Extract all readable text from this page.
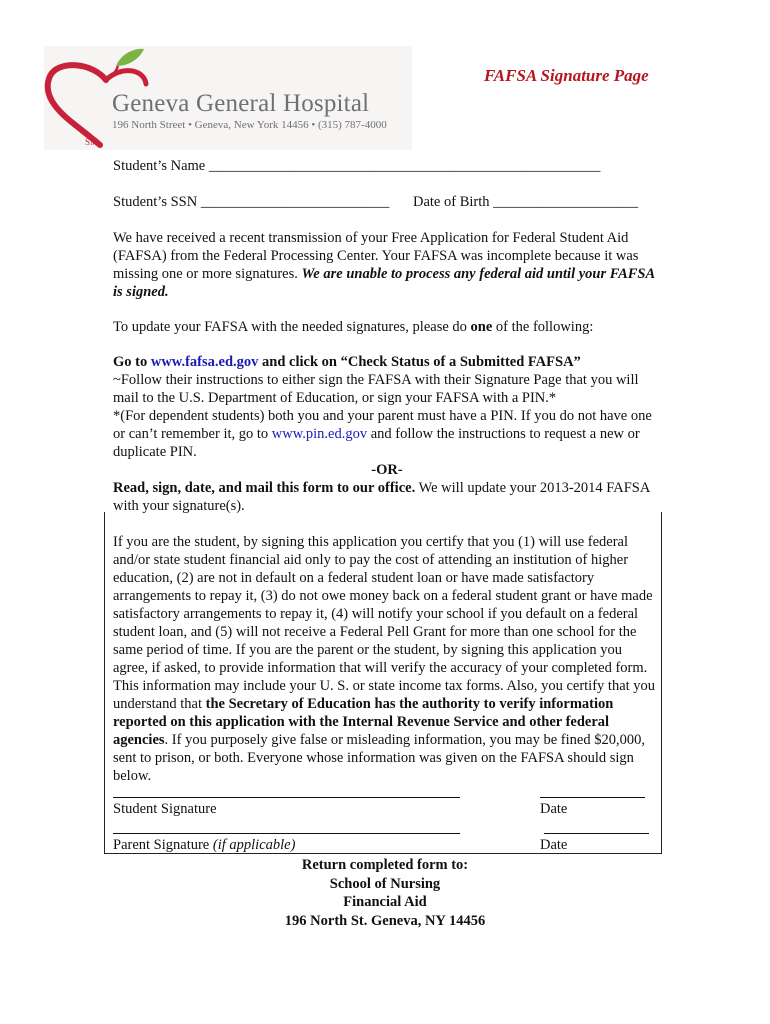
Geneva General Hospital
196 North Street • Geneva, New York 14456 • (315) 787-4000
SM
FAFSA Signature Page
Student’s Name ______________________________________________________
Student’s SSN __________________________ Date of Birth ____________________

We have received a recent transmission of your Free Application for Federal Student Aid (FAFSA) from the Federal Processing Center. Your FAFSA was incomplete because it was missing one or more signatures. We are unable to process any federal aid until your FAFSA is signed.

To update your FAFSA with the needed signatures, please do one of the following:

Go to www.fafsa.ed.gov and click on “Check Status of a Submitted FAFSA”

~Follow their instructions to either sign the FAFSA with their Signature Page that you will mail to the U.S. Department of Education, or sign your FAFSA with a PIN.*

*(For dependent students) both you and your parent must have a PIN. If you do not have one or can’t remember it, go to www.pin.ed.gov and follow the instructions to request a new or duplicate PIN.

-OR-

Read, sign, date, and mail this form to our office. We will update your 2013-2014 FAFSA with your signature(s).

If you are the student, by signing this application you certify that you (1) will use federal and/or state student financial aid only to pay the cost of attending an institution of higher education, (2) are not in default on a federal student loan or have made satisfactory arrangements to repay it, (3) do not owe money back on a federal student grant or have made satisfactory arrangements to repay it, (4) will notify your school if you default on a federal student loan, and (5) will not receive a Federal Pell Grant for more than one school for the same period of time. If you are the parent or the student, by signing this application you agree, if asked, to provide information that will verify the accuracy of your completed form. This information may include your U. S. or state income tax forms. Also, you certify that you understand that the Secretary of Education has the authority to verify information reported on this application with the Internal Revenue Service and other federal agencies. If you purposely give false or misleading information, you may be fined $20,000, sent to prison, or both. Everyone whose information was given on the FAFSA should sign below.
Student Signature	Date
Parent Signature (if applicable)	Date
Return completed form to:
School of Nursing
Financial Aid
196 North St. Geneva, NY 14456
